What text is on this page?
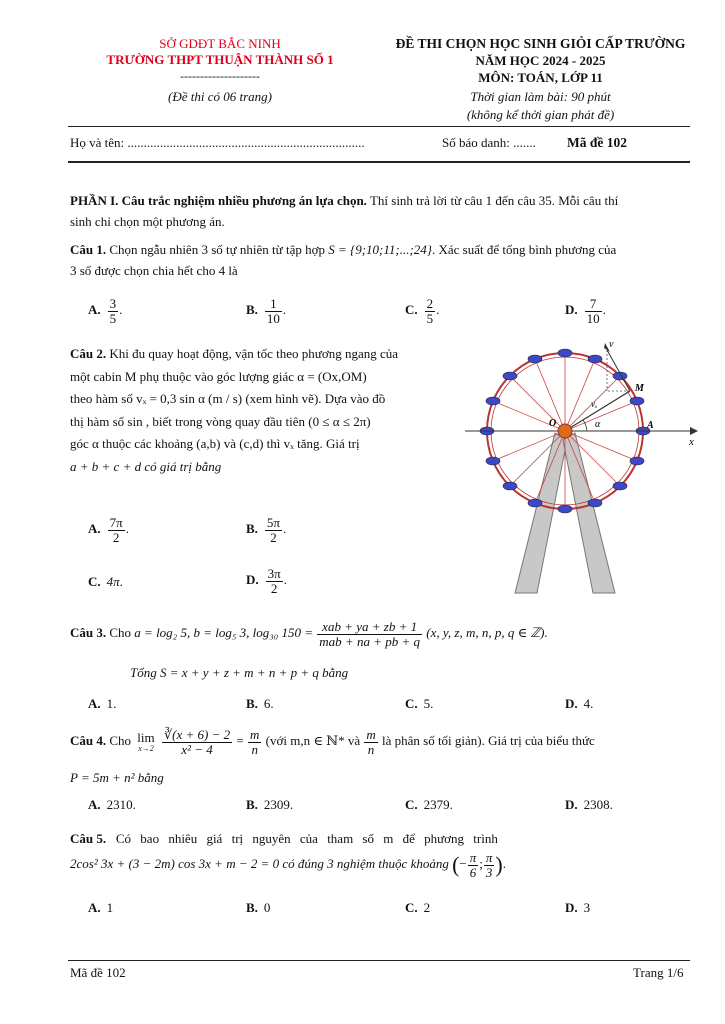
SỞ GDĐT BẮC NINH
TRƯỜNG THPT THUẬN THÀNH SỐ 1
--------------------
(Đề thi có 06 trang)
ĐỀ THI CHỌN HỌC SINH GIỎI CẤP TRƯỜNG
NĂM HỌC 2024 - 2025
MÔN: TOÁN, LỚP 11
Thời gian làm bài: 90 phút
(không kể thời gian phát đề)
Họ và tên: .........................................................................	Số báo danh: ....... Mã đề 102
PHẦN I. Câu trắc nghiệm nhiều phương án lựa chọn. Thí sinh trả lời từ câu 1 đến câu 35. Mỗi câu thí
sinh chỉ chọn một phương án.
Câu 1. Chọn ngẫu nhiên 3 số tự nhiên từ tập hợp S = {9;10;11;...;24}. Xác suất để tổng bình phương của
3 số được chọn chia hết cho 4 là
A. $\frac{3}{5}$ .	B. $\frac{1}{10}$ .	C. $\frac{2}{5}$ .	D. $\frac{7}{10}$ .
Câu 2. Khi đu quay hoạt động, vận tốc theo phương ngang của
một cabin M phụ thuộc vào góc lượng giác α = (Ox,OM)
theo hàm số vₓ = 0,3 sin α (m / s) (xem hình vẽ). Dựa vào đồ
thị hàm số sin , biết trong vòng quay đầu tiên (0 ≤ α ≤ 2π)
góc α thuộc các khoảng (a,b) và (c,d) thì vₓ tăng. Giá trị
a + b + c + d có giá trị bằng
v⃗
M
vₓ
O	α	A
x
A. $\frac{7\pi}{2}$ .	B. $\frac{5\pi}{2}$ .
C. 4π.	D. $\frac{3\pi}{2}$ .
Câu 3. Cho a = log₂ 5, b = log₅ 3, log₃₀ $150 = \frac{\text{xab + ya + zb + 1}}{\text{mab + na + pb + q}} (x$, y, z, m, n, p, q ∈ ℤ).
Tổng S = x + y + z + m + n + p + q bằng
A. 1.	B. 6.	C. 5.	D. 4.
Câu 4. Cho lim
x→2
$\frac{∛(x + 6) - 2}{\text{x² − 4}} = \frac{m}{n}$ (với m,n ∈ ℕ* và $\frac{m}{n}$ là phân số tối giản). Giá trị của biểu thức
P = 5m + n² bằng
A. 2310.	B. 2309.	C. 2379.	D. 2308.
Câu 5. Có bao nhiêu giá trị nguyên của tham số m để phương trình
2cos² 3x + (3 − 2m) cos 3x + m − 2 = 0 có đúng 3 nghiệm thuộc khoảng (− $\frac{\pi}{6}$ ; $\frac{\pi}{3}$ ).
A. 1	B. 0	C. 2	D. 3
Mã đề 102	Trang 1/6
